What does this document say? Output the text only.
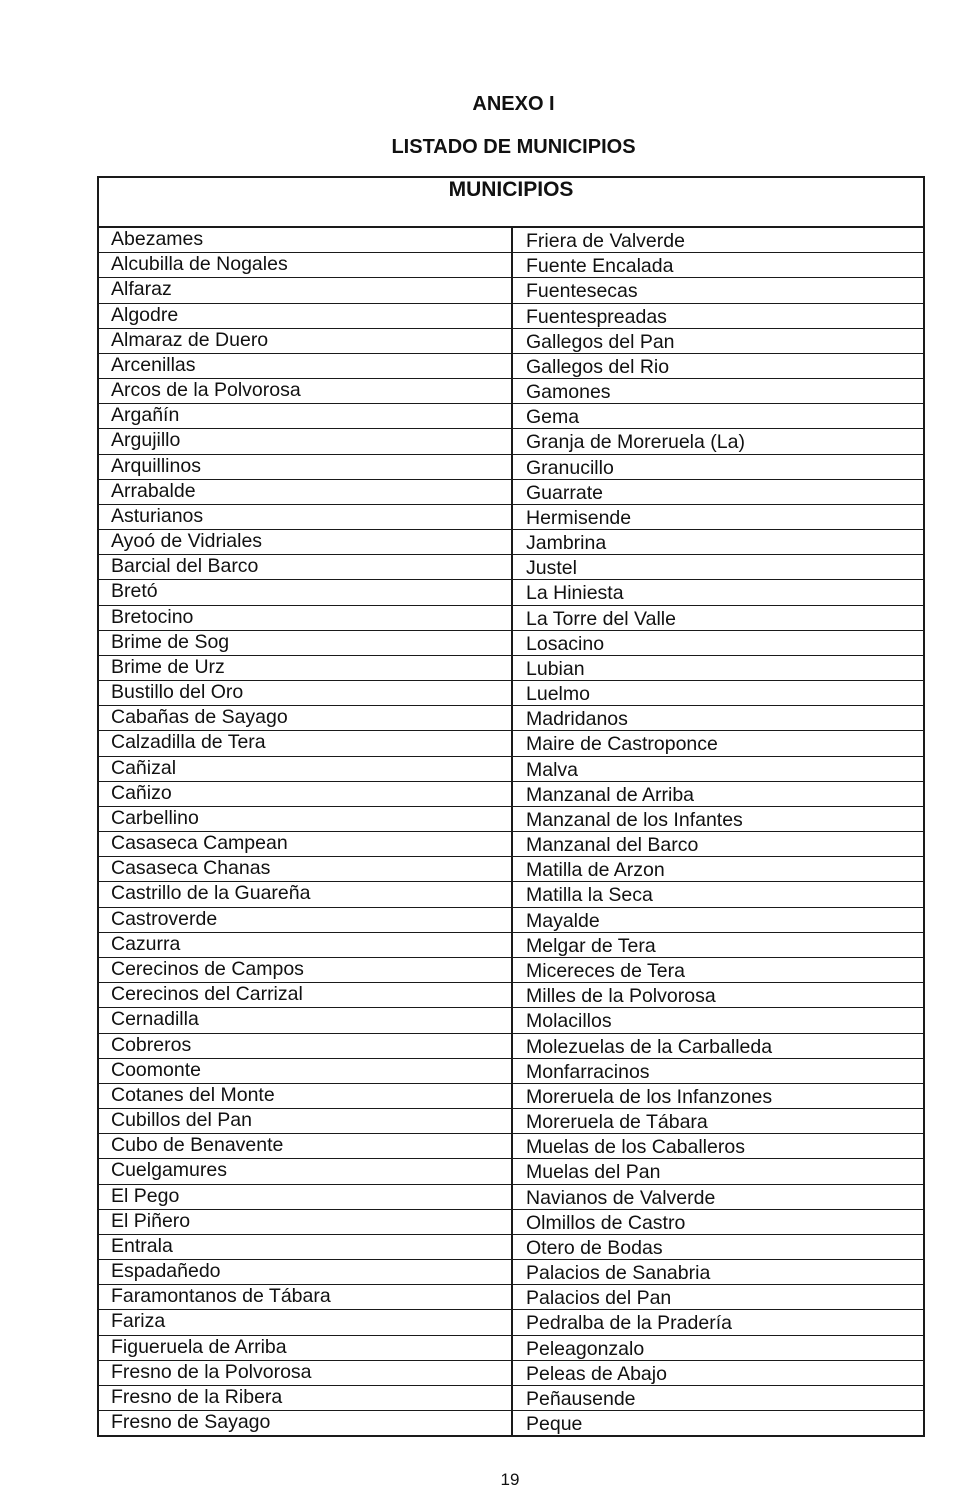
ANEXO I
LISTADO DE MUNICIPIOS
MUNICIPIOS
Abezames	Friera de Valverde
Alcubilla de Nogales	Fuente Encalada
Alfaraz	Fuentesecas
Algodre	Fuentespreadas
Almaraz de Duero	Gallegos del Pan
Arcenillas	Gallegos del Rio
Arcos de la Polvorosa	Gamones
Argañín	Gema
Argujillo	Granja de Moreruela (La)
Arquillinos	Granucillo
Arrabalde	Guarrate
Asturianos	Hermisende
Ayoó de Vidriales	Jambrina
Barcial del Barco	Justel
Bretó	La Hiniesta
Bretocino	La Torre del Valle
Brime de Sog	Losacino
Brime de Urz	Lubian
Bustillo del Oro	Luelmo
Cabañas de Sayago	Madridanos
Calzadilla de Tera	Maire de Castroponce
Cañizal	Malva
Cañizo	Manzanal de Arriba
Carbellino	Manzanal de los Infantes
Casaseca Campean	Manzanal del Barco
Casaseca Chanas	Matilla de Arzon
Castrillo de la Guareña	Matilla la Seca
Castroverde	Mayalde
Cazurra	Melgar de Tera
Cerecinos de Campos	Micereces de Tera
Cerecinos del Carrizal	Milles de la Polvorosa
Cernadilla	Molacillos
Cobreros	Molezuelas de la Carballeda
Coomonte	Monfarracinos
Cotanes del Monte	Moreruela de los Infanzones
Cubillos del Pan	Moreruela de Tábara
Cubo de Benavente	Muelas de los Caballeros
Cuelgamures	Muelas del Pan
El Pego	Navianos de Valverde
El Piñero	Olmillos de Castro
Entrala	Otero de Bodas
Espadañedo	Palacios de Sanabria
Faramontanos de Tábara	Palacios del Pan
Fariza	Pedralba de la Pradería
Figueruela de Arriba	Peleagonzalo
Fresno de la Polvorosa	Peleas de Abajo
Fresno de la Ribera	Peñausende
Fresno de Sayago	Peque
19
